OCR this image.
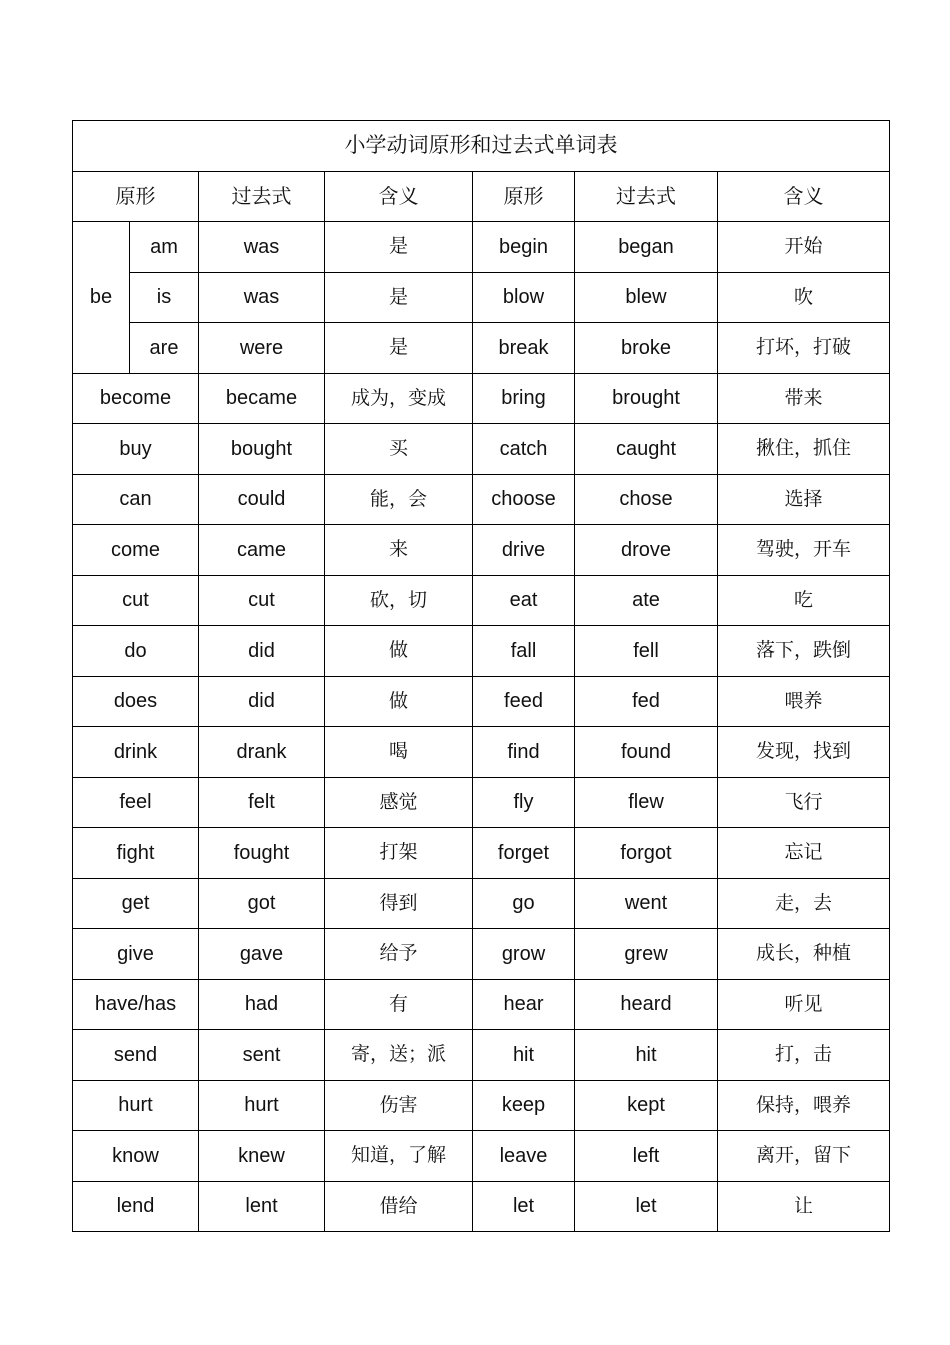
小学动词原形和过去式单词表						
原形		过去式	含义	原形	过去式	含义
be	am	was	是	begin	began	开始
	is	was	是	blow	blew	吹
	are	were	是	break	broke	打坏，打破
become		became	成为，变成	bring	brought	带来
buy		bought	买	catch	caught	揪住，抓住
can		could	能，会	choose	chose	选择
come		came	来	drive	drove	驾驶，开车
cut		cut	砍，切	eat	ate	吃
do		did	做	fall	fell	落下，跌倒
does		did	做	feed	fed	喂养
drink		drank	喝	find	found	发现，找到
feel		felt	感觉	fly	flew	飞行
fight		fought	打架	forget	forgot	忘记
get		got	得到	go	went	走，去
give		gave	给予	grow	grew	成长，种植
have/has		had	有	hear	heard	听见
send		sent	寄，送；派	hit	hit	打，击
hurt		hurt	伤害	keep	kept	保持，喂养
know		knew	知道，了解	leave	left	离开，留下
lend		lent	借给	let	let	让
